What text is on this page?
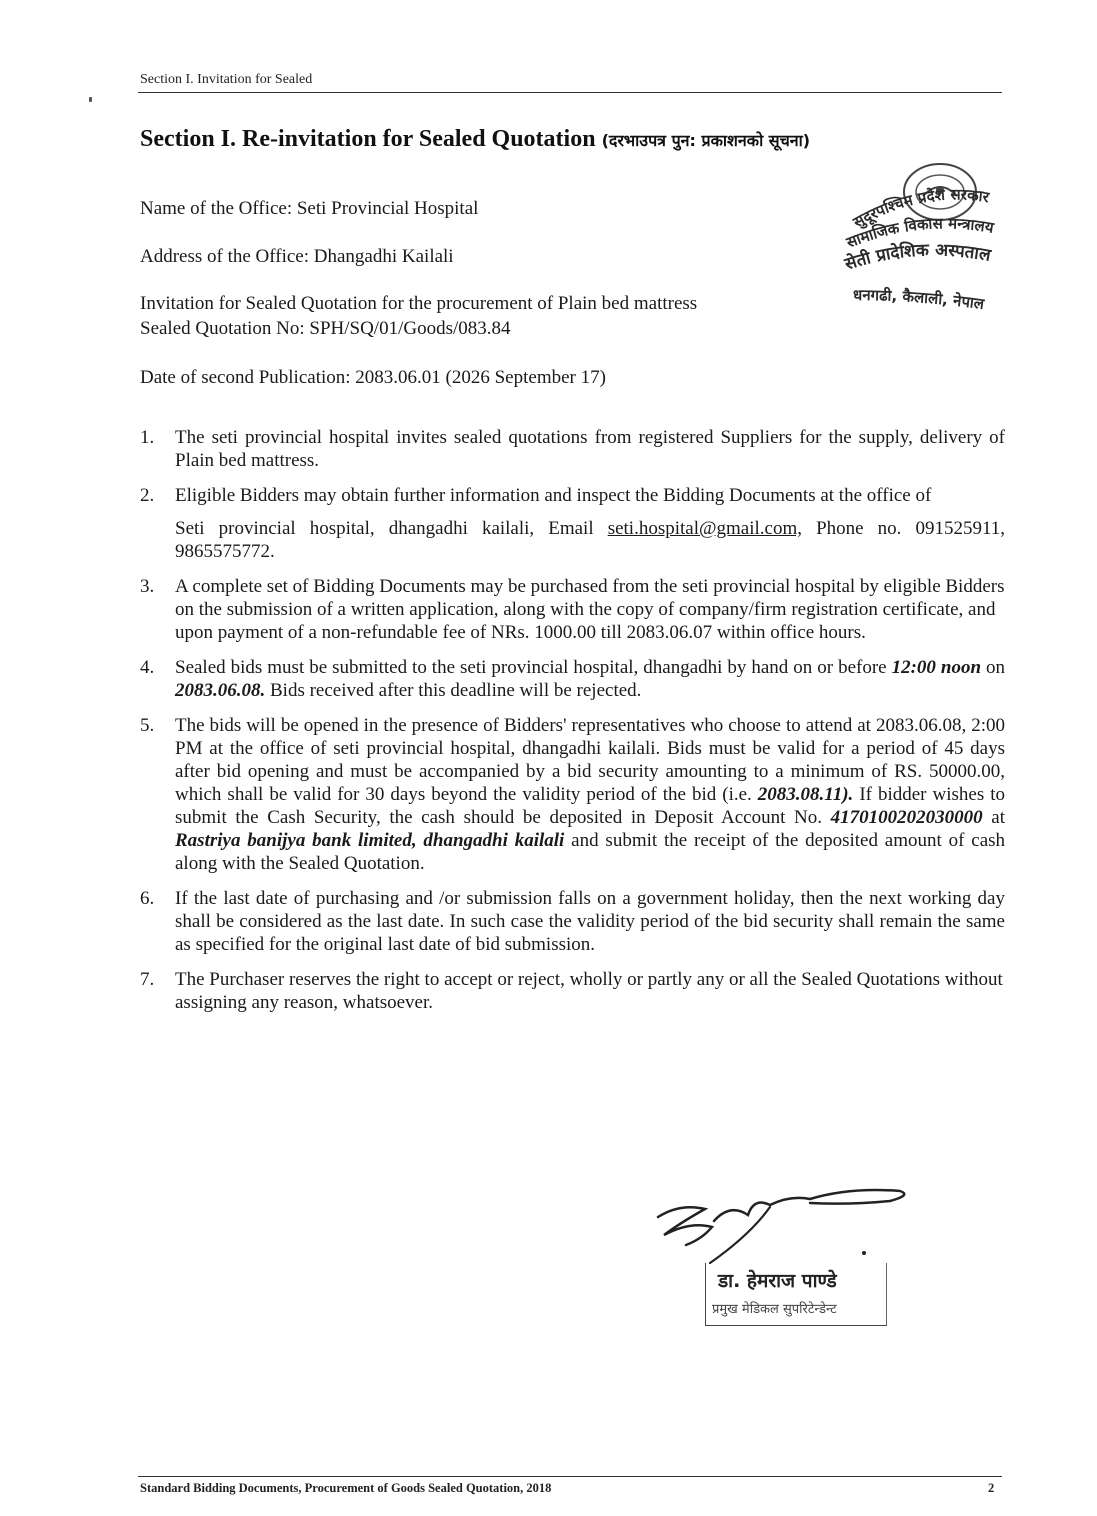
Section I. Invitation for Sealed
Section I. Re-invitation for Sealed Quotation (दरभाउपत्र पुन: प्रकाशनको सूचना)
Name of the Office: Seti Provincial Hospital
Address of the Office: Dhangadhi Kailali
Invitation for Sealed Quotation for the procurement of Plain bed mattress
Sealed Quotation No: SPH/SQ/01/Goods/083.84
Date of second Publication: 2083.06.01 (2026 September 17)
सुदूरपश्चिम प्रदेश सरकार
सामाजिक विकास मन्त्रालय
सेती प्रादेशिक अस्पताल
धनगढी, कैलाली, नेपाल
1.	The seti provincial hospital invites sealed quotations from registered Suppliers for the supply, delivery of Plain bed mattress.
2.	Eligible Bidders may obtain further information and inspect the Bidding Documents at the office of
Seti provincial hospital, dhangadhi kailali, Email seti.hospital@gmail.com, Phone no. 091525911, 9865575772.
3.	A complete set of Bidding Documents may be purchased from the seti provincial hospital by eligible Bidders on the submission of a written application, along with the copy of company/firm registration certificate, and upon payment of a non-refundable fee of NRs. 1000.00 till 2083.06.07 within office hours.
4.	Sealed bids must be submitted to the seti provincial hospital, dhangadhi by hand on or before 12:00 noon on 2083.06.08. Bids received after this deadline will be rejected.
5.	The bids will be opened in the presence of Bidders' representatives who choose to attend at 2083.06.08, 2:00 PM at the office of seti provincial hospital, dhangadhi kailali. Bids must be valid for a period of 45 days after bid opening and must be accompanied by a bid security amounting to a minimum of RS. 50000.00, which shall be valid for 30 days beyond the validity period of the bid (i.e. 2083.08.11). If bidder wishes to submit the Cash Security, the cash should be deposited in Deposit Account No. 4170100202030000 at Rastriya banijya bank limited, dhangadhi kailali and submit the receipt of the deposited amount of cash along with the Sealed Quotation.
6.	If the last date of purchasing and /or submission falls on a government holiday, then the next working day shall be considered as the last date. In such case the validity period of the bid security shall remain the same as specified for the original last date of bid submission.
7.	The Purchaser reserves the right to accept or reject, wholly or partly any or all the Sealed Quotations without assigning any reason, whatsoever.
डा. हेमराज पाण्डे
प्रमुख मेडिकल सुपरिटेन्डेन्ट
Standard Bidding Documents, Procurement of Goods Sealed Quotation, 2018	2
